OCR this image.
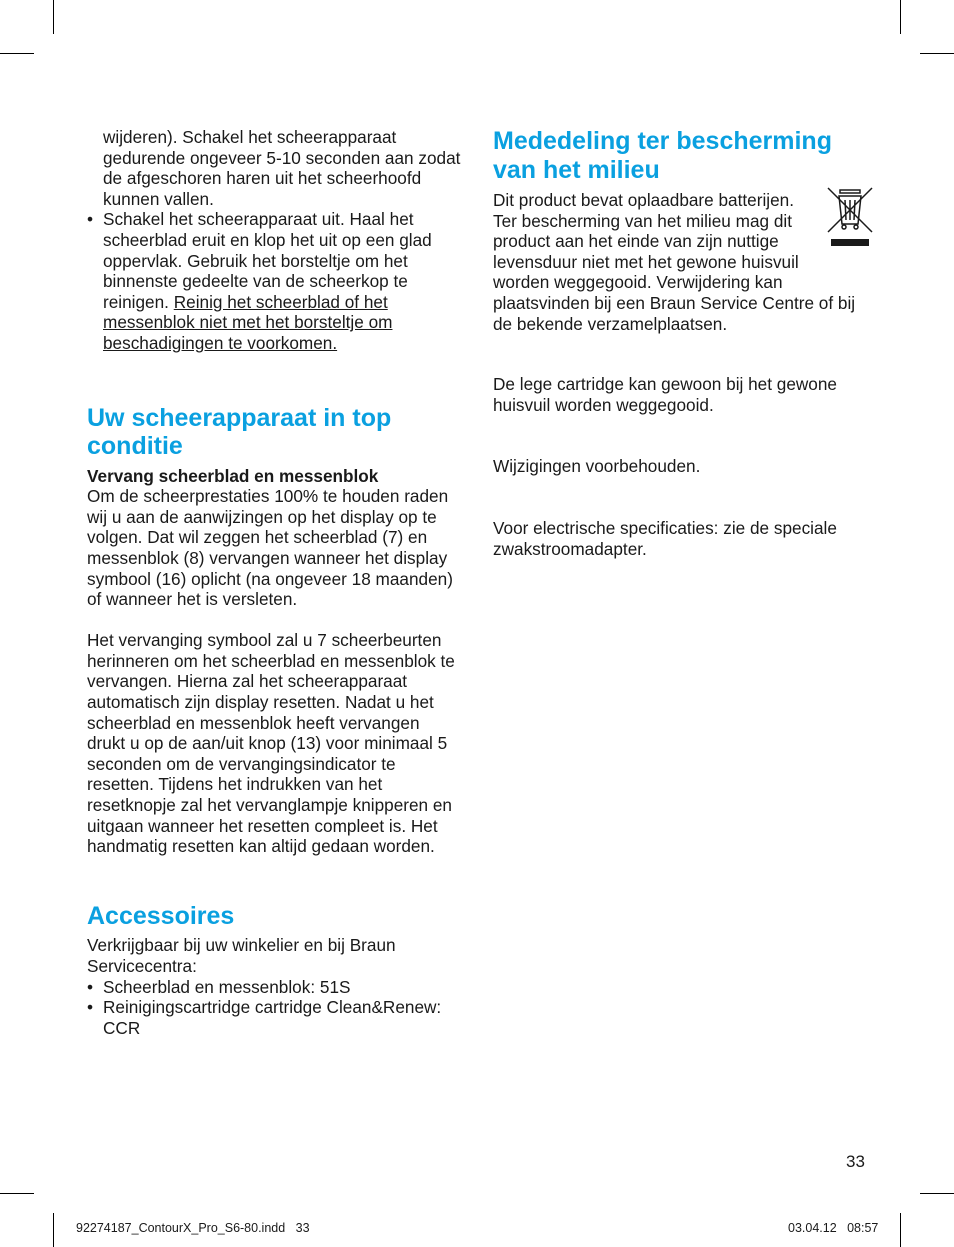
wijderen). Schakel het scheerapparaat gedurende ongeveer 5-10 seconden aan zodat de afgeschoren haren uit het scheerhoofd kunnen vallen.

• Schakel het scheerapparaat uit. Haal het scheerblad eruit en klop het uit op een glad oppervlak. Gebruik het borsteltje om het binnenste gedeelte van de scheerkop te reinigen. Reinig het scheerblad of het messenblok niet met het borsteltje om beschadigingen te voorkomen.

Uw scheerapparaat in top conditie

Vervang scheerblad en messenblok

Om de scheerprestaties 100% te houden raden wij u aan de aanwijzingen op het display op te volgen. Dat wil zeggen het scheerblad (7) en messenblok (8) vervangen wanneer het display symbool (16) oplicht (na ongeveer 18 maanden) of wanneer het is versleten.

Het vervanging symbool zal u 7 scheerbeurten herinneren om het scheerblad en messenblok te vervangen. Hierna zal het scheerapparaat automatisch zijn display resetten. Nadat u het scheerblad en messenblok heeft vervangen drukt u op de aan/uit knop (13) voor minimaal 5 seconden om de vervangingsindicator te resetten. Tijdens het indrukken van het resetknopje zal het vervanglampje knipperen en uitgaan wanneer het resetten compleet is. Het handmatig resetten kan altijd gedaan worden.

Accessoires

Verkrijgbaar bij uw winkelier en bij Braun Servicecentra:

• Scheerblad en messenblok: 51S

• Reinigingscartridge cartridge Clean&Renew: CCR

Mededeling ter bescherming van het milieu

Dit product bevat oplaadbare batterijen. Ter bescherming van het milieu mag dit product aan het einde van zijn nuttige levensduur niet met het gewone huisvuil worden weggegooid. Verwijdering kan plaatsvinden bij een Braun Service Centre of bij de bekende verzamelplaatsen.

De lege cartridge kan gewoon bij het gewone huisvuil worden weggegooid.

Wijzigingen voorbehouden.

Voor electrische specificaties: zie de speciale zwakstroomadapter.

33
92274187_ContourX_Pro_S6-80.indd   33	03.04.12   08:57
